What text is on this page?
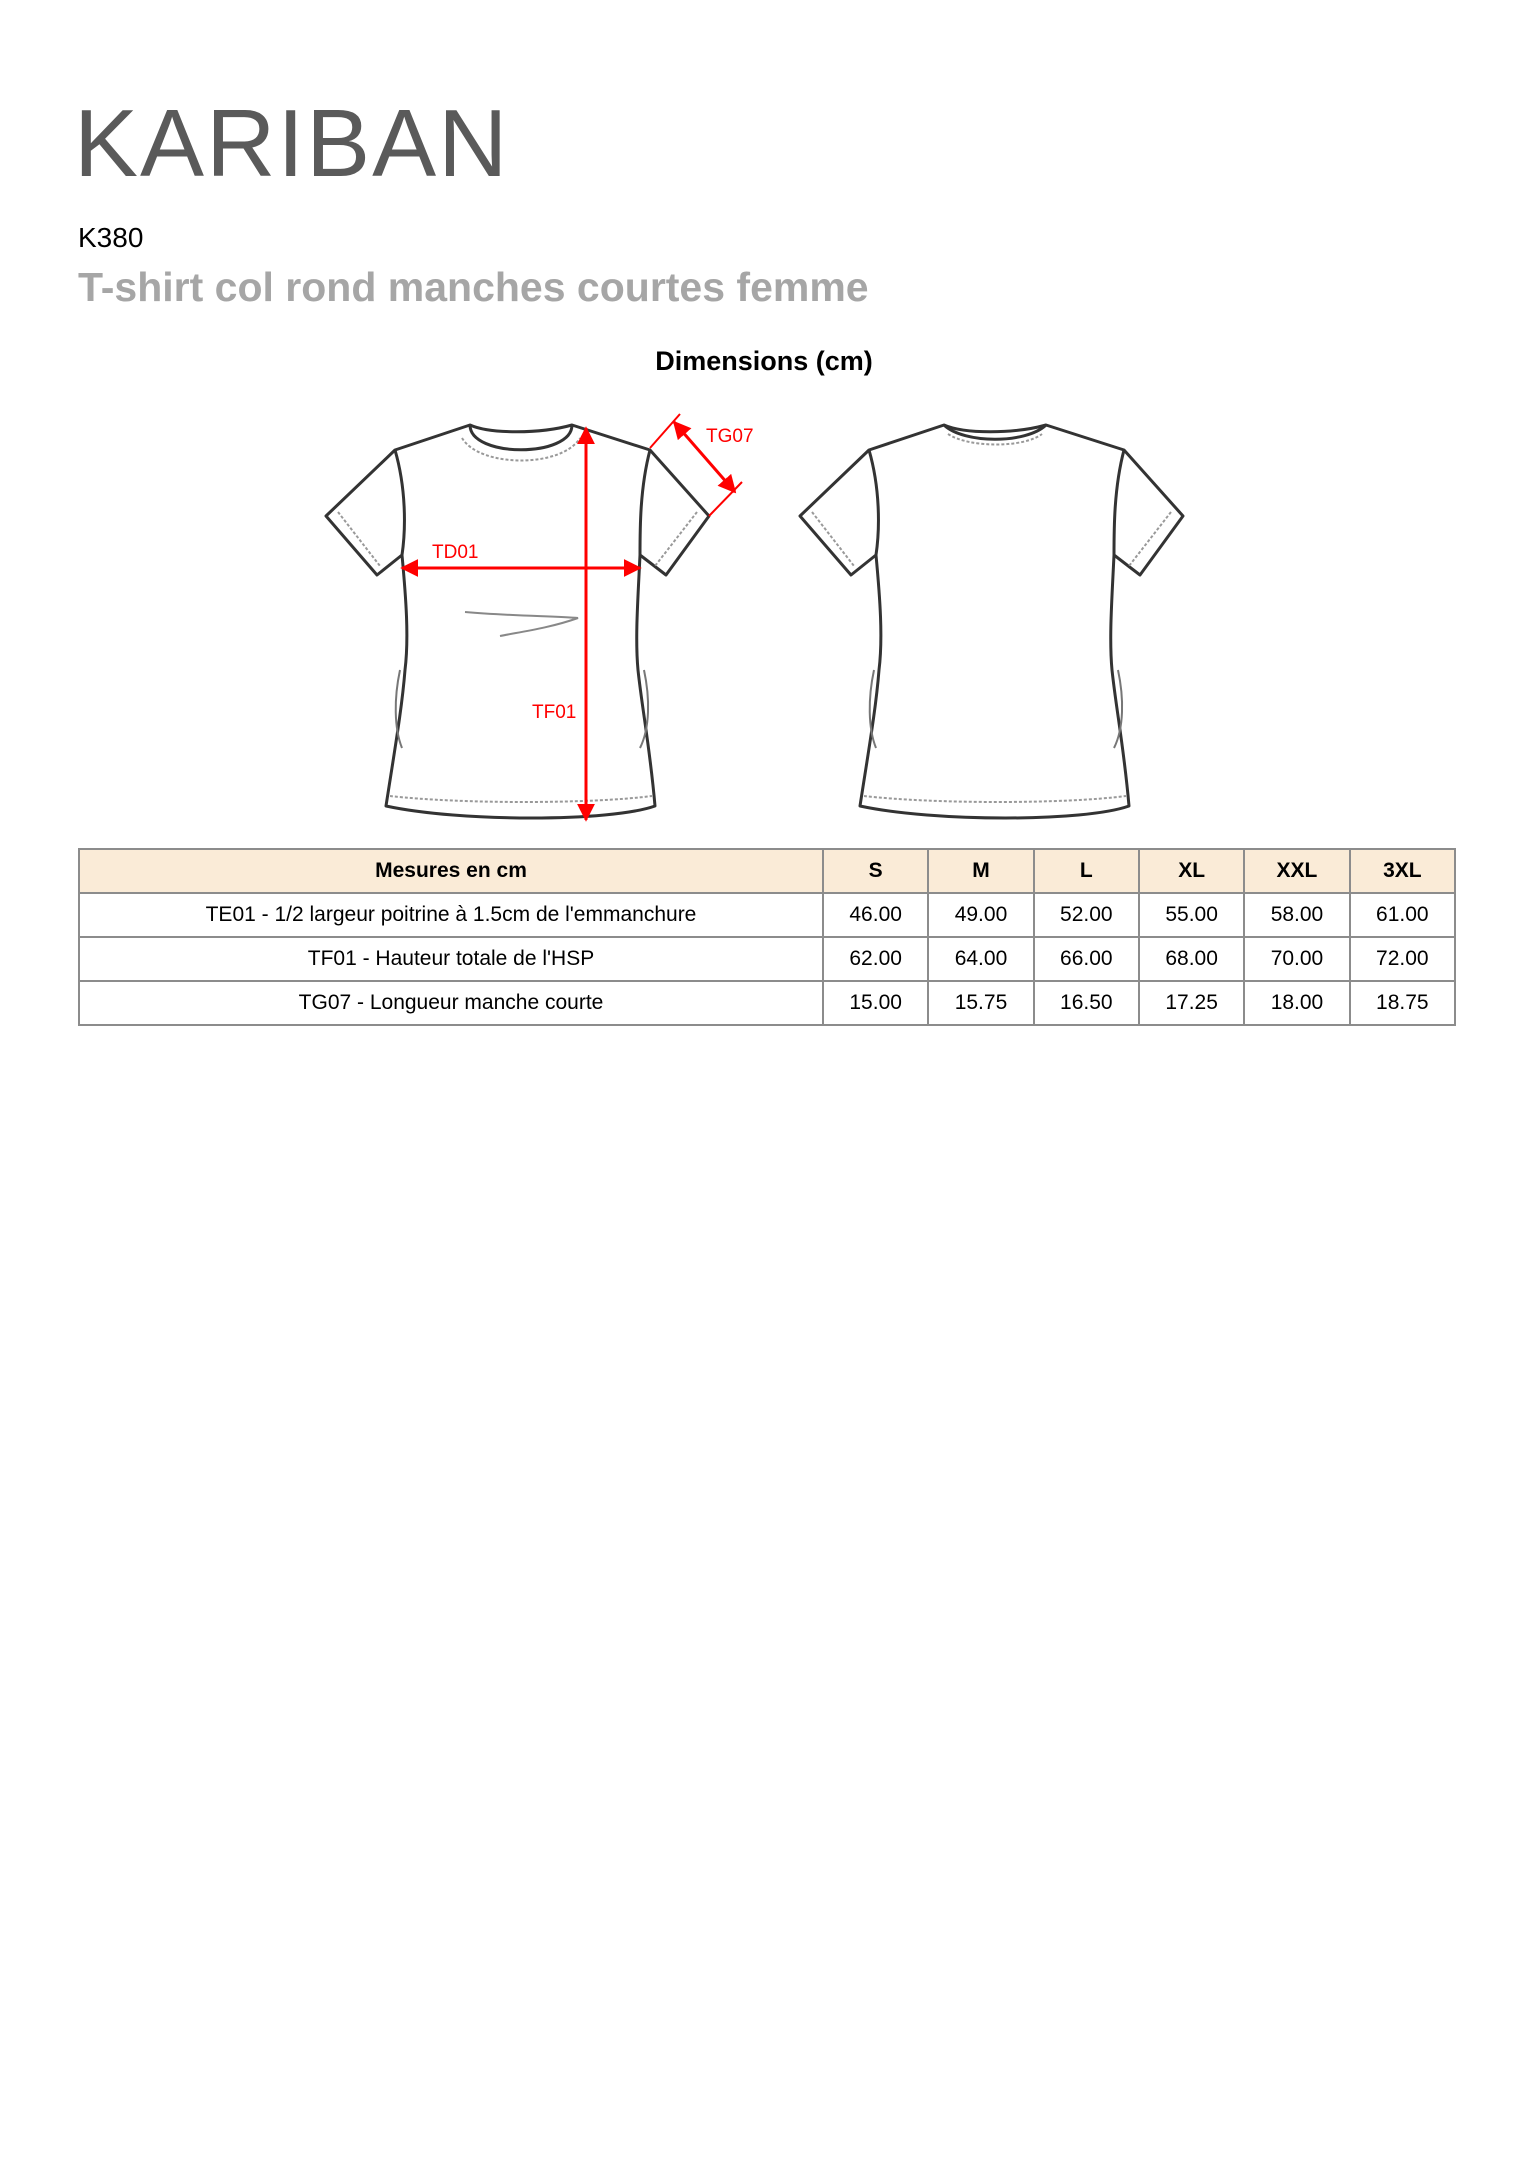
KARIBAN
K380
T-shirt col rond manches courtes femme
Dimensions (cm)
TD01
TF01
TG07
Mesures en cm	S	M	L	XL	XXL	3XL
TE01 - 1/2 largeur poitrine à 1.5cm de l'emmanchure	46.00	49.00	52.00	55.00	58.00	61.00
TF01 - Hauteur totale de l'HSP	62.00	64.00	66.00	68.00	70.00	72.00
TG07 - Longueur manche courte	15.00	15.75	16.50	17.25	18.00	18.75
